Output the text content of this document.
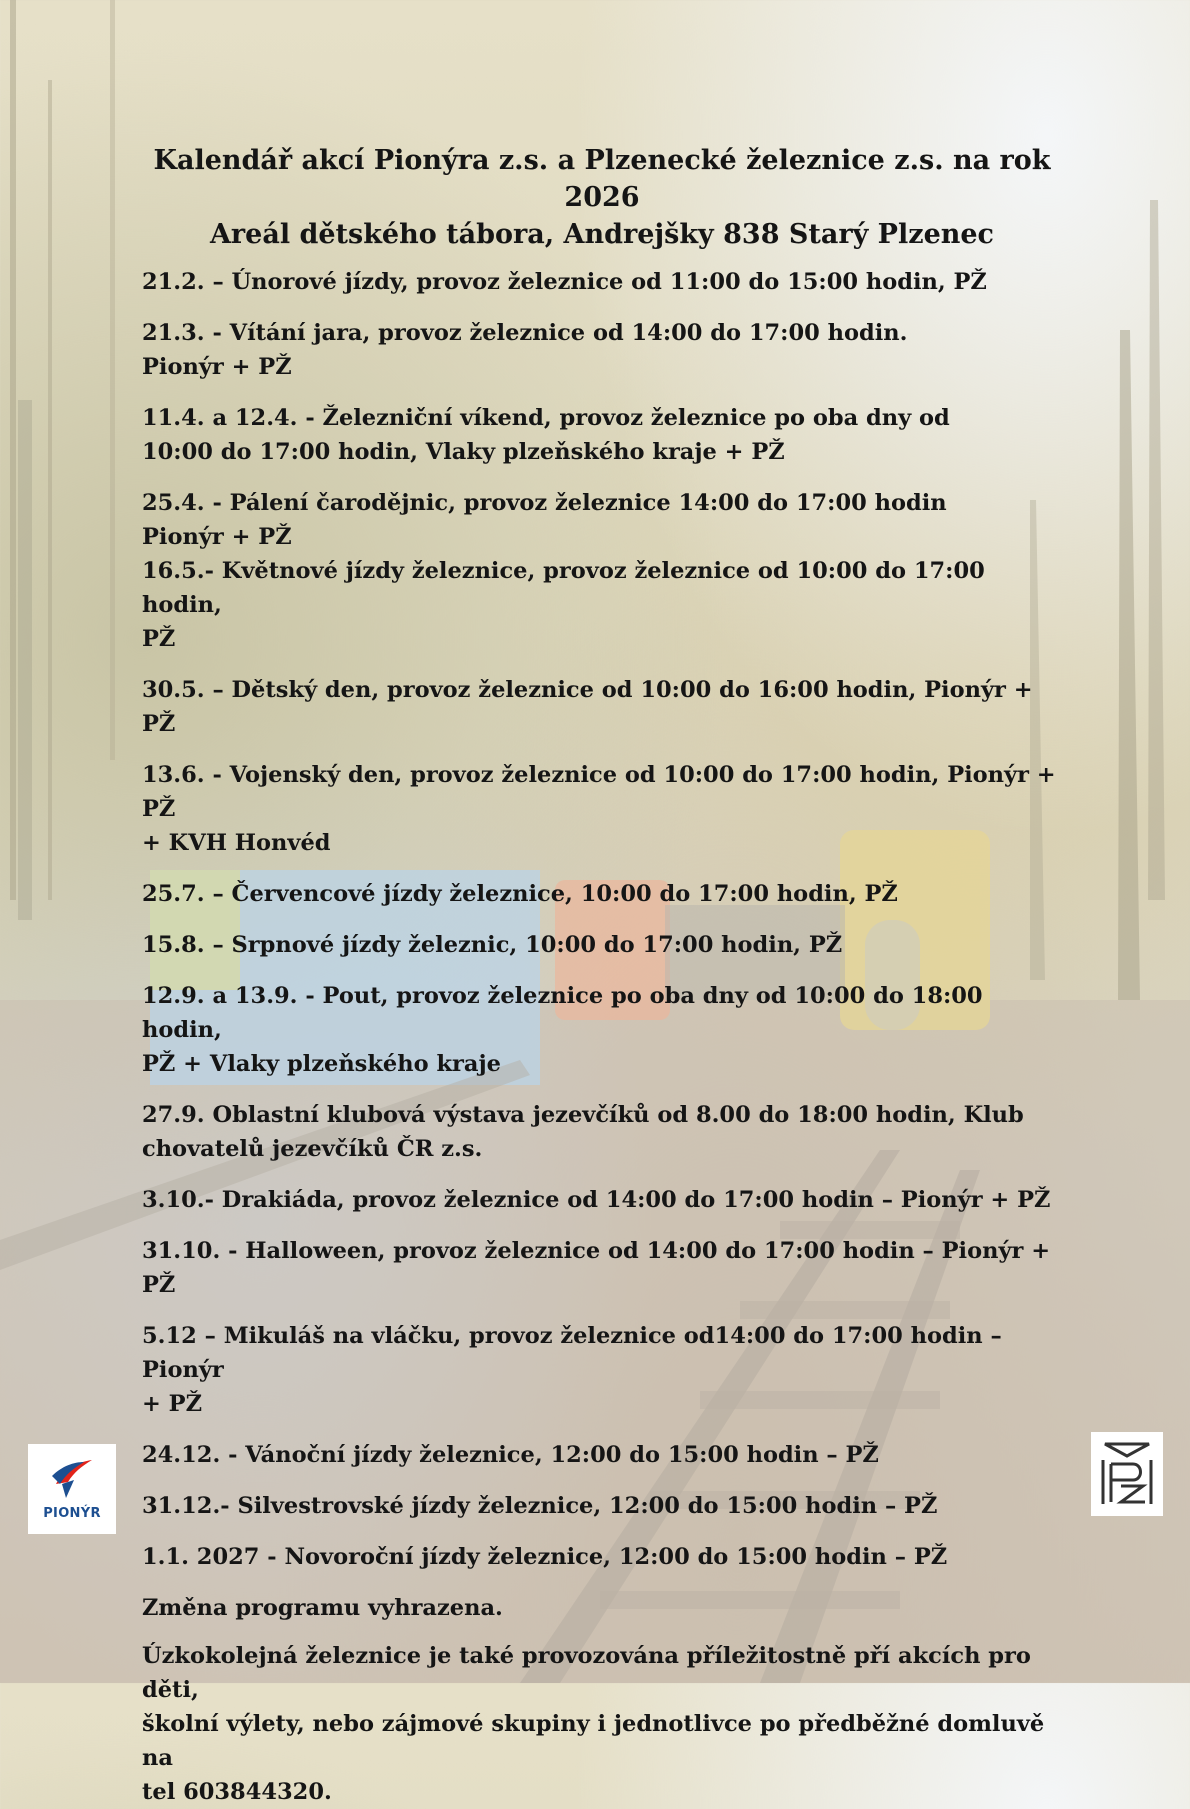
Kalendář akcí Pionýra z.s. a Plzenecké železnice z.s. na rok 2026
Areál dětského tábora, Andrejšky 838 Starý Plzenec

21.2. – Únorové jízdy, provoz železnice od 11:00 do 15:00 hodin, PŽ

21.3. - Vítání jara, provoz železnice od 14:00 do 17:00 hodin.
Pionýr + PŽ

11.4. a 12.4. - Železniční víkend, provoz železnice po oba dny od
10:00 do 17:00 hodin, Vlaky plzeňského kraje + PŽ

25.4. - Pálení čarodějnic, provoz železnice 14:00 do 17:00 hodin
Pionýr + PŽ

16.5.- Květnové jízdy železnice, provoz železnice od 10:00 do 17:00 hodin,
PŽ

30.5. – Dětský den, provoz železnice od 10:00 do 16:00 hodin, Pionýr + PŽ

13.6. - Vojenský den, provoz železnice od 10:00 do 17:00 hodin, Pionýr + PŽ
+ KVH Honvéd

25.7. – Červencové jízdy železnice, 10:00 do 17:00 hodin, PŽ

15.8. – Srpnové jízdy železnic, 10:00 do 17:00 hodin, PŽ

12.9. a 13.9. - Pout, provoz železnice po oba dny od 10:00 do 18:00 hodin,
PŽ + Vlaky plzeňského kraje

27.9. Oblastní klubová výstava jezevčíků od 8.00 do 18:00 hodin, Klub
chovatelů jezevčíků ČR z.s.

3.10.- Drakiáda, provoz železnice od 14:00 do 17:00 hodin – Pionýr + PŽ

31.10. - Halloween, provoz železnice od 14:00 do 17:00 hodin – Pionýr + PŽ

5.12 – Mikuláš na vláčku, provoz železnice od14:00 do 17:00 hodin – Pionýr
+ PŽ

24.12. - Vánoční jízdy železnice, 12:00 do 15:00 hodin – PŽ

31.12.- Silvestrovské jízdy železnice, 12:00 do 15:00 hodin – PŽ

1.1. 2027 - Novoroční jízdy železnice, 12:00 do 15:00 hodin – PŽ

Změna programu vyhrazena.

Úzkokolejná železnice je také provozována příležitostně pří akcích pro děti,
školní výlety, nebo zájmové skupiny i jednotlivce po předběžné domluvě na
tel 603844320.

PIONÝR
